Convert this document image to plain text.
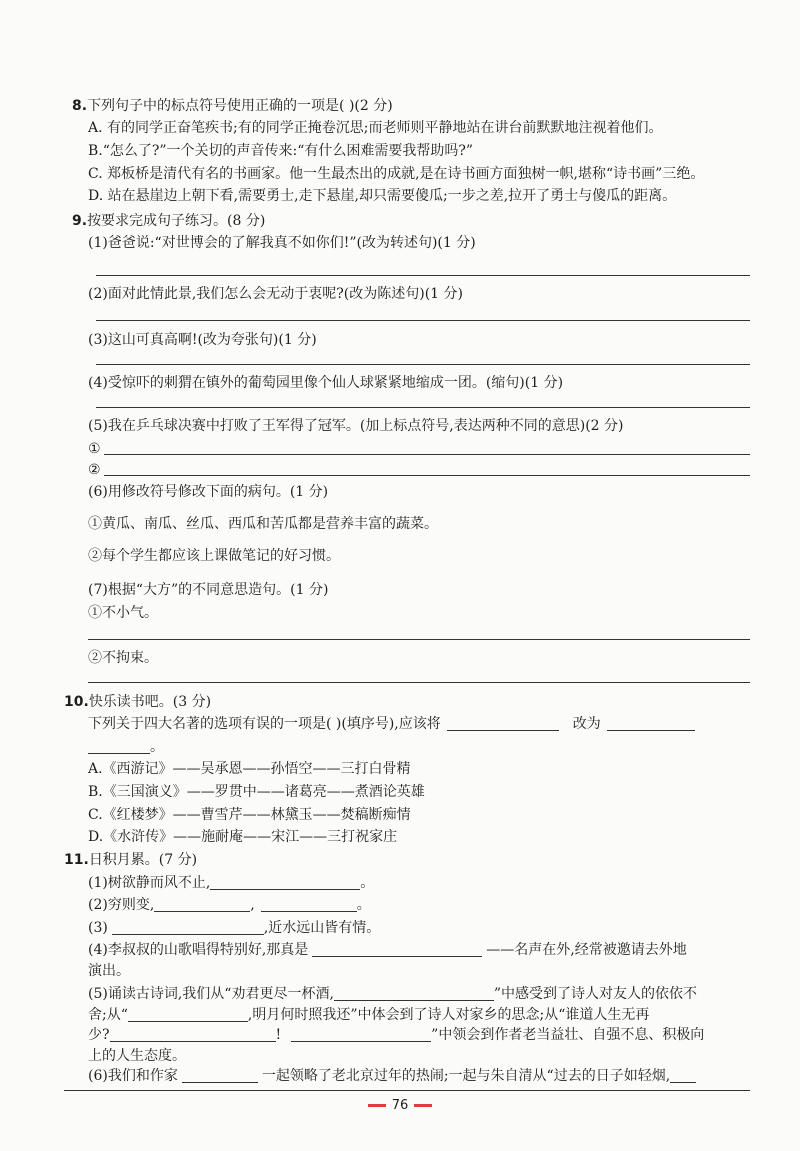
8.下列句子中的标点符号使用正确的一项是( )(2 分)
A. 有的同学正奋笔疾书;有的同学正掩卷沉思;而老师则平静地站在讲台前默默地注视着他们。
B.“怎么了?”一个关切的声音传来:“有什么困难需要我帮助吗?”
C. 郑板桥是清代有名的书画家。他一生最杰出的成就,是在诗书画方面独树一帜,堪称“诗书画”三绝。
D. 站在悬崖边上朝下看,需要勇士,走下悬崖,却只需要傻瓜;一步之差,拉开了勇士与傻瓜的距离。
9.按要求完成句子练习。(8 分)
(1)爸爸说:“对世博会的了解我真不如你们!”(改为转述句)(1 分)
(2)面对此情此景,我们怎么会无动于衷呢?(改为陈述句)(1 分)
(3)这山可真高啊!(改为夸张句)(1 分)
(4)受惊吓的刺猬在镇外的葡萄园里像个仙人球紧紧地缩成一团。(缩句)(1 分)
(5)我在乒乓球决赛中打败了王军得了冠军。(加上标点符号,表达两种不同的意思)(2 分)
①
②
(6)用修改符号修改下面的病句。(1 分)
①黄瓜、南瓜、丝瓜、西瓜和苦瓜都是营养丰富的蔬菜。
②每个学生都应该上课做笔记的好习惯。
(7)根据“大方”的不同意思造句。(1 分)
①不小气。
②不拘束。
10.快乐读书吧。(3 分)
下列关于四大名著的选项有误的一项是( )(填序号),应该将	改为
。
A.《西游记》——吴承恩——孙悟空——三打白骨精
B.《三国演义》——罗贯中——诸葛亮——煮酒论英雄
C.《红楼梦》——曹雪芹——林黛玉——焚稿断痴情
D.《水浒传》——施耐庵——宋江——三打祝家庄
11.日积月累。(7 分)
(1)树欲静而风不止,	。
(2)穷则变,	,	。
(3)	,近水远山皆有情。
(4)李叔叔的山歌唱得特别好,那真是	——名声在外,经常被邀请去外地
演出。
(5)诵读古诗词,我们从“劝君更尽一杯酒,	”中感受到了诗人对友人的依依不
舍;从“	,明月何时照我还”中体会到了诗人对家乡的思念;从“谁道人生无再
少?	!	”中领会到作者老当益壮、自强不息、积极向
上的人生态度。
76
(6)我们和作家	一起领略了老北京过年的热闹;一起与朱自清从“过去的日子如轻烟,
